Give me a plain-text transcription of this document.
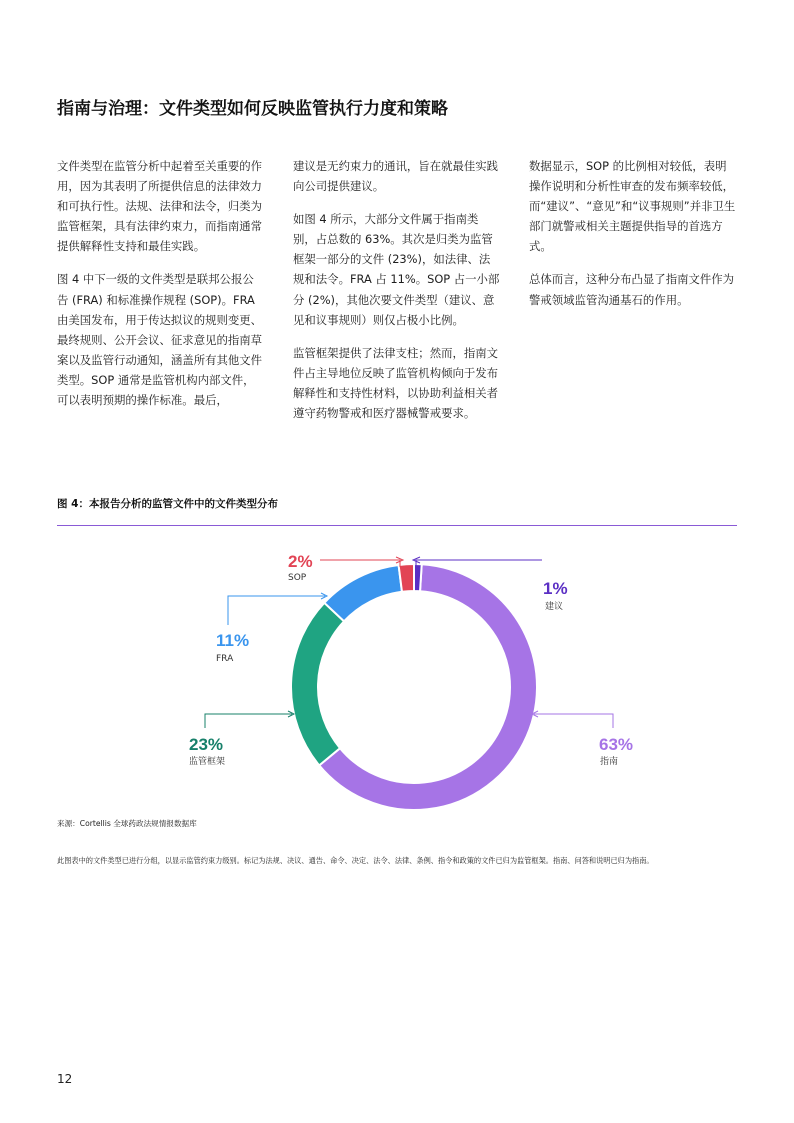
指南与治理：文件类型如何反映监管执行力度和策略

文件类型在监管分析中起着至关重要的作用，因为其表明了所提供信息的法律效力和可执行性。法规、法律和法令，归类为监管框架，具有法律约束力，而指南通常提供解释性支持和最佳实践。

图 4 中下一级的文件类型是联邦公报公告 (FRA) 和标准操作规程 (SOP)。FRA 由美国发布，用于传达拟议的规则变更、最终规则、公开会议、征求意见的指南草案以及监管行动通知，涵盖所有其他文件类型。SOP 通常是监管机构内部文件，可以表明预期的操作标准。最后，

建议是无约束力的通讯，旨在就最佳实践向公司提供建议。

如图 4 所示，大部分文件属于指南类别，占总数的 63%。其次是归类为监管框架一部分的文件 (23%)，如法律、法规和法令。FRA 占 11%。SOP 占一小部分 (2%)，其他次要文件类型（建议、意见和议事规则）则仅占极小比例。

监管框架提供了法律支柱；然而，指南文件占主导地位反映了监管机构倾向于发布解释性和支持性材料，以协助利益相关者遵守药物警戒和医疗器械警戒要求。

数据显示，SOP 的比例相对较低，表明操作说明和分析性审查的发布频率较低，而“建议”、“意见”和“议事规则”并非卫生部门就警戒相关主题提供指导的首选方式。

总体而言，这种分布凸显了指南文件作为警戒领域监管沟通基石的作用。

图 4：本报告分析的监管文件中的文件类型分布
2%
SOP
1%
建议
11%
FRA
23%
监管框架
63%
指南
来源：Cortellis 全球药政法规情报数据库
此图表中的文件类型已进行分组，以显示监管约束力级别。标记为法规、决议、通告、命令、决定、法令、法律、条例、指令和政策的文件已归为监管框架。指南、问答和说明已归为指南。
12
